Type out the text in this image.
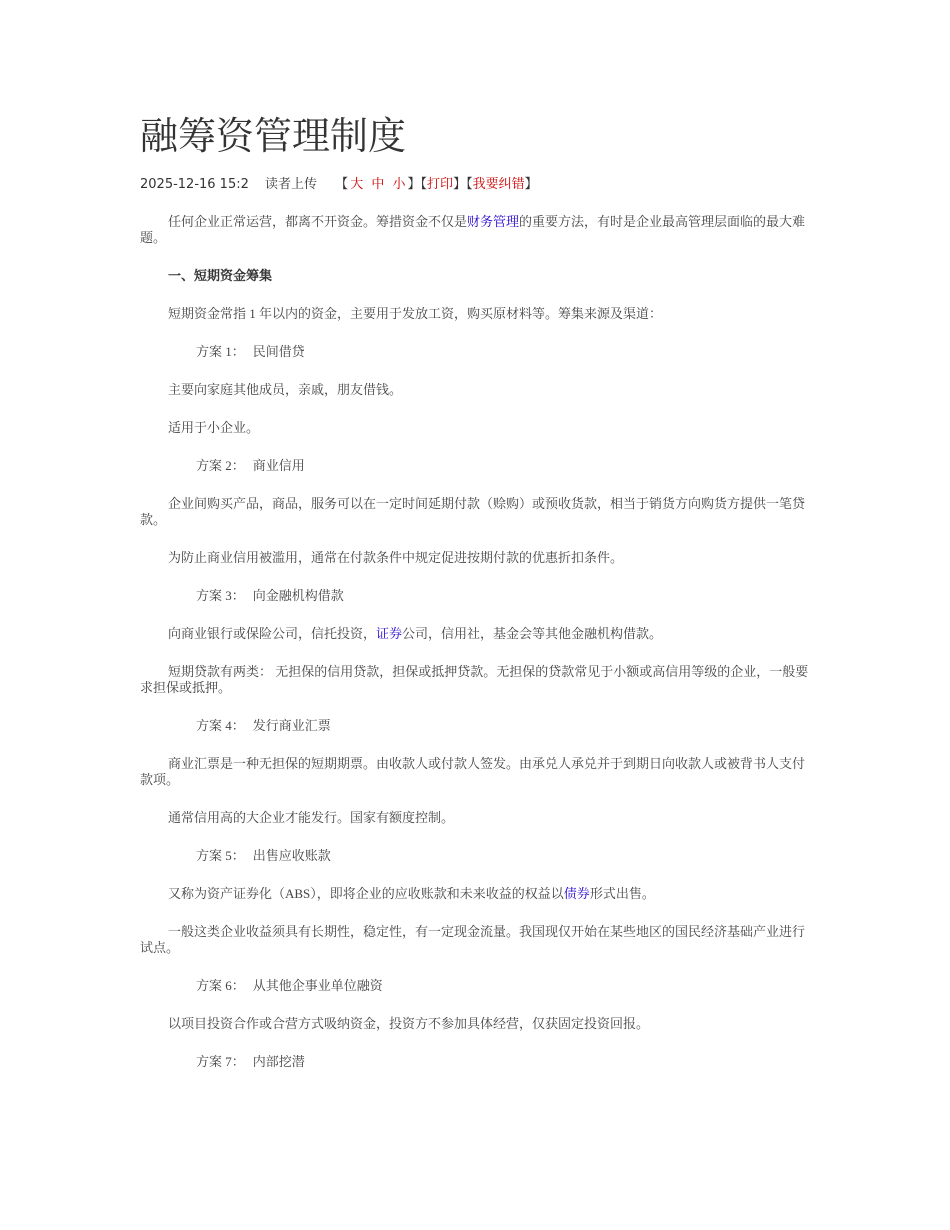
融筹资管理制度
2025-12-16 15:2 读者上传 【 大 中 小 】【打印】【我要纠错】

任何企业正常运营，都离不开资金。筹措资金不仅是财务管理的重要方法，有时是企业最高管理层面临的最大难题。

一、短期资金筹集

短期资金常指 1 年以内的资金，主要用于发放工资，购买原材料等。筹集来源及渠道：

方案 1： 民间借贷

主要向家庭其他成员，亲戚，朋友借钱。

适用于小企业。

方案 2： 商业信用

企业间购买产品，商品，服务可以在一定时间延期付款（赊购）或预收货款，相当于销货方向购货方提供一笔贷款。

为防止商业信用被滥用，通常在付款条件中规定促进按期付款的优惠折扣条件。

方案 3： 向金融机构借款

向商业银行或保险公司，信托投资，证券公司，信用社，基金会等其他金融机构借款。

短期贷款有两类： 无担保的信用贷款，担保或抵押贷款。无担保的贷款常见于小额或高信用等级的企业，一般要求担保或抵押。

方案 4： 发行商业汇票

商业汇票是一种无担保的短期期票。由收款人或付款人签发。由承兑人承兑并于到期日向收款人或被背书人支付款项。

通常信用高的大企业才能发行。国家有额度控制。

方案 5： 出售应收账款

又称为资产证券化（ABS），即将企业的应收账款和未来收益的权益以债券形式出售。

一般这类企业收益须具有长期性，稳定性，有一定现金流量。我国现仅开始在某些地区的国民经济基础产业进行试点。

方案 6： 从其他企事业单位融资

以项目投资合作或合营方式吸纳资金，投资方不参加具体经营，仅获固定投资回报。

方案 7： 内部挖潜
